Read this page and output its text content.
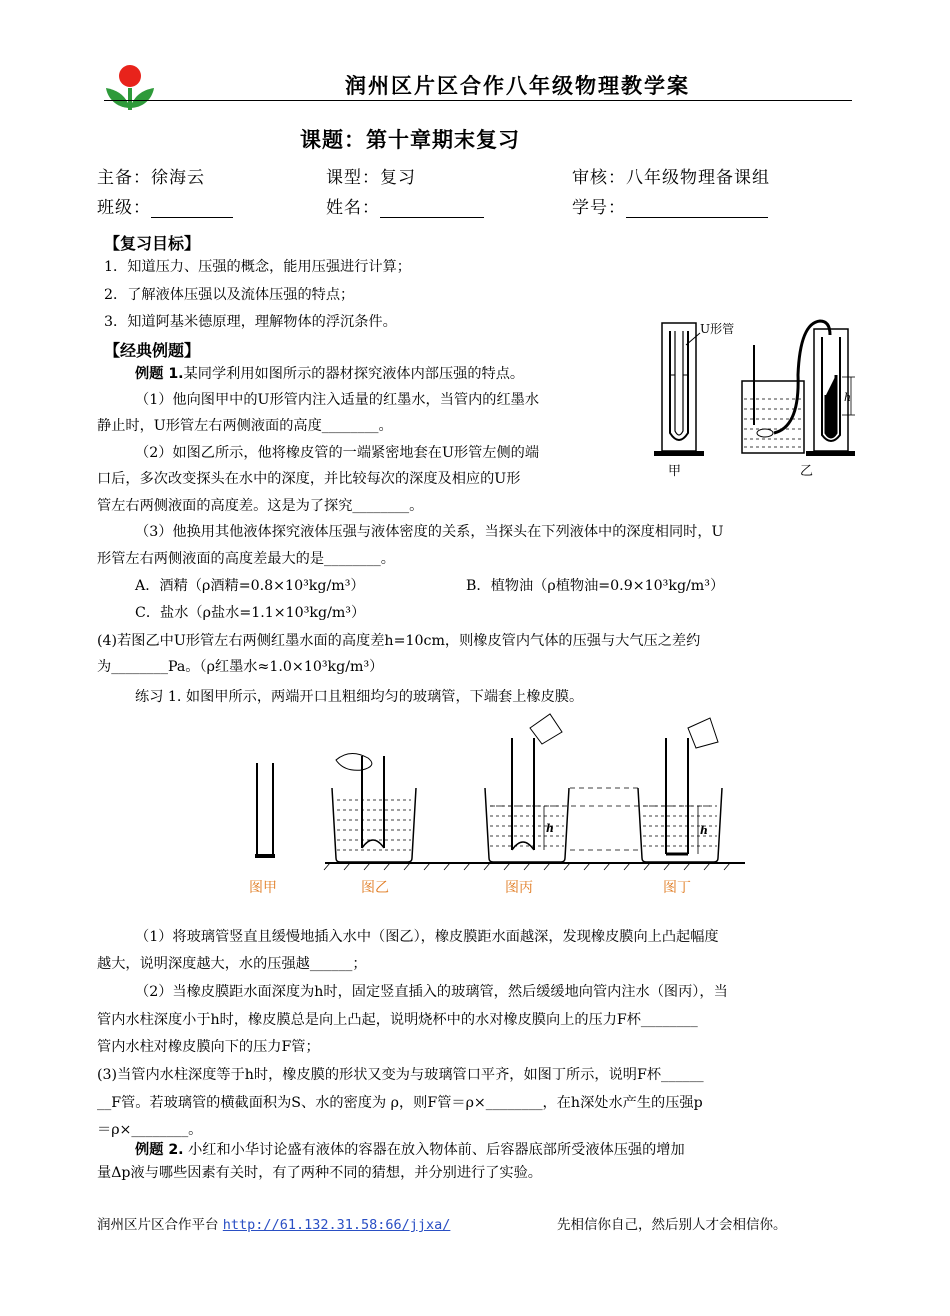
润州区片区合作八年级物理教学案
课题：第十章期末复习
主备：徐海云	课型：复习	审核：八年级物理备课组
班级：	姓名：	学号：
【复习目标】
1．知道压力、压强的概念，能用压强进行计算；
2．了解液体压强以及流体压强的特点；
3．知道阿基米德原理，理解物体的浮沉条件。
【经典例题】
例题 1.某同学利用如图所示的器材探究液体内部压强的特点。
（1）他向图甲中的U形管内注入适量的红墨水，当管内的红墨水
静止时，U形管左右两侧液面的高度________。
（2）如图乙所示，他将橡皮管的一端紧密地套在U形管左侧的端
口后，多次改变探头在水中的深度，并比较每次的深度及相应的U形
管左右两侧液面的高度差。这是为了探究________。
（3）他换用其他液体探究液体压强与液体密度的关系，当探头在下列液体中的深度相同时，U
形管左右两侧液面的高度差最大的是________。
A．酒精（ρ酒精=0.8×10³kg/m³）	B．植物油（ρ植物油=0.9×10³kg/m³）
C．盐水（ρ盐水=1.1×10³kg/m³）
(4)若图乙中U形管左右两侧红墨水面的高度差h=10cm，则橡皮管内气体的压强与大气压之差约
为________Pa。（ρ红墨水≈1.0×10³kg/m³）
U形管
甲
h
乙
练习 1. 如图甲所示，两端开口且粗细均匀的玻璃管，下端套上橡皮膜。
h	h
图甲	图乙	图丙	图丁
（1）将玻璃管竖直且缓慢地插入水中（图乙），橡皮膜距水面越深，发现橡皮膜向上凸起幅度
越大，说明深度越大，水的压强越______；
（2）当橡皮膜距水面深度为h时，固定竖直插入的玻璃管，然后缓缓地向管内注水（图丙），当
管内水柱深度小于h时，橡皮膜总是向上凸起，说明烧杯中的水对橡皮膜向上的压力F杯________
管内水柱对橡皮膜向下的压力F管；
(3)当管内水柱深度等于h时，橡皮膜的形状又变为与玻璃管口平齐，如图丁所示，说明F杯______
__F管。若玻璃管的横截面积为S、水的密度为 ρ，则F管＝ρ×________，在h深处水产生的压强p
＝ρ×________。
例题 2. 小红和小华讨论盛有液体的容器在放入物体前、后容器底部所受液体压强的增加
量Δp液与哪些因素有关时，有了两种不同的猜想，并分别进行了实验。
润州区片区合作平台 http://61.132.31.58:66/jjxa/	先相信你自己，然后别人才会相信你。
